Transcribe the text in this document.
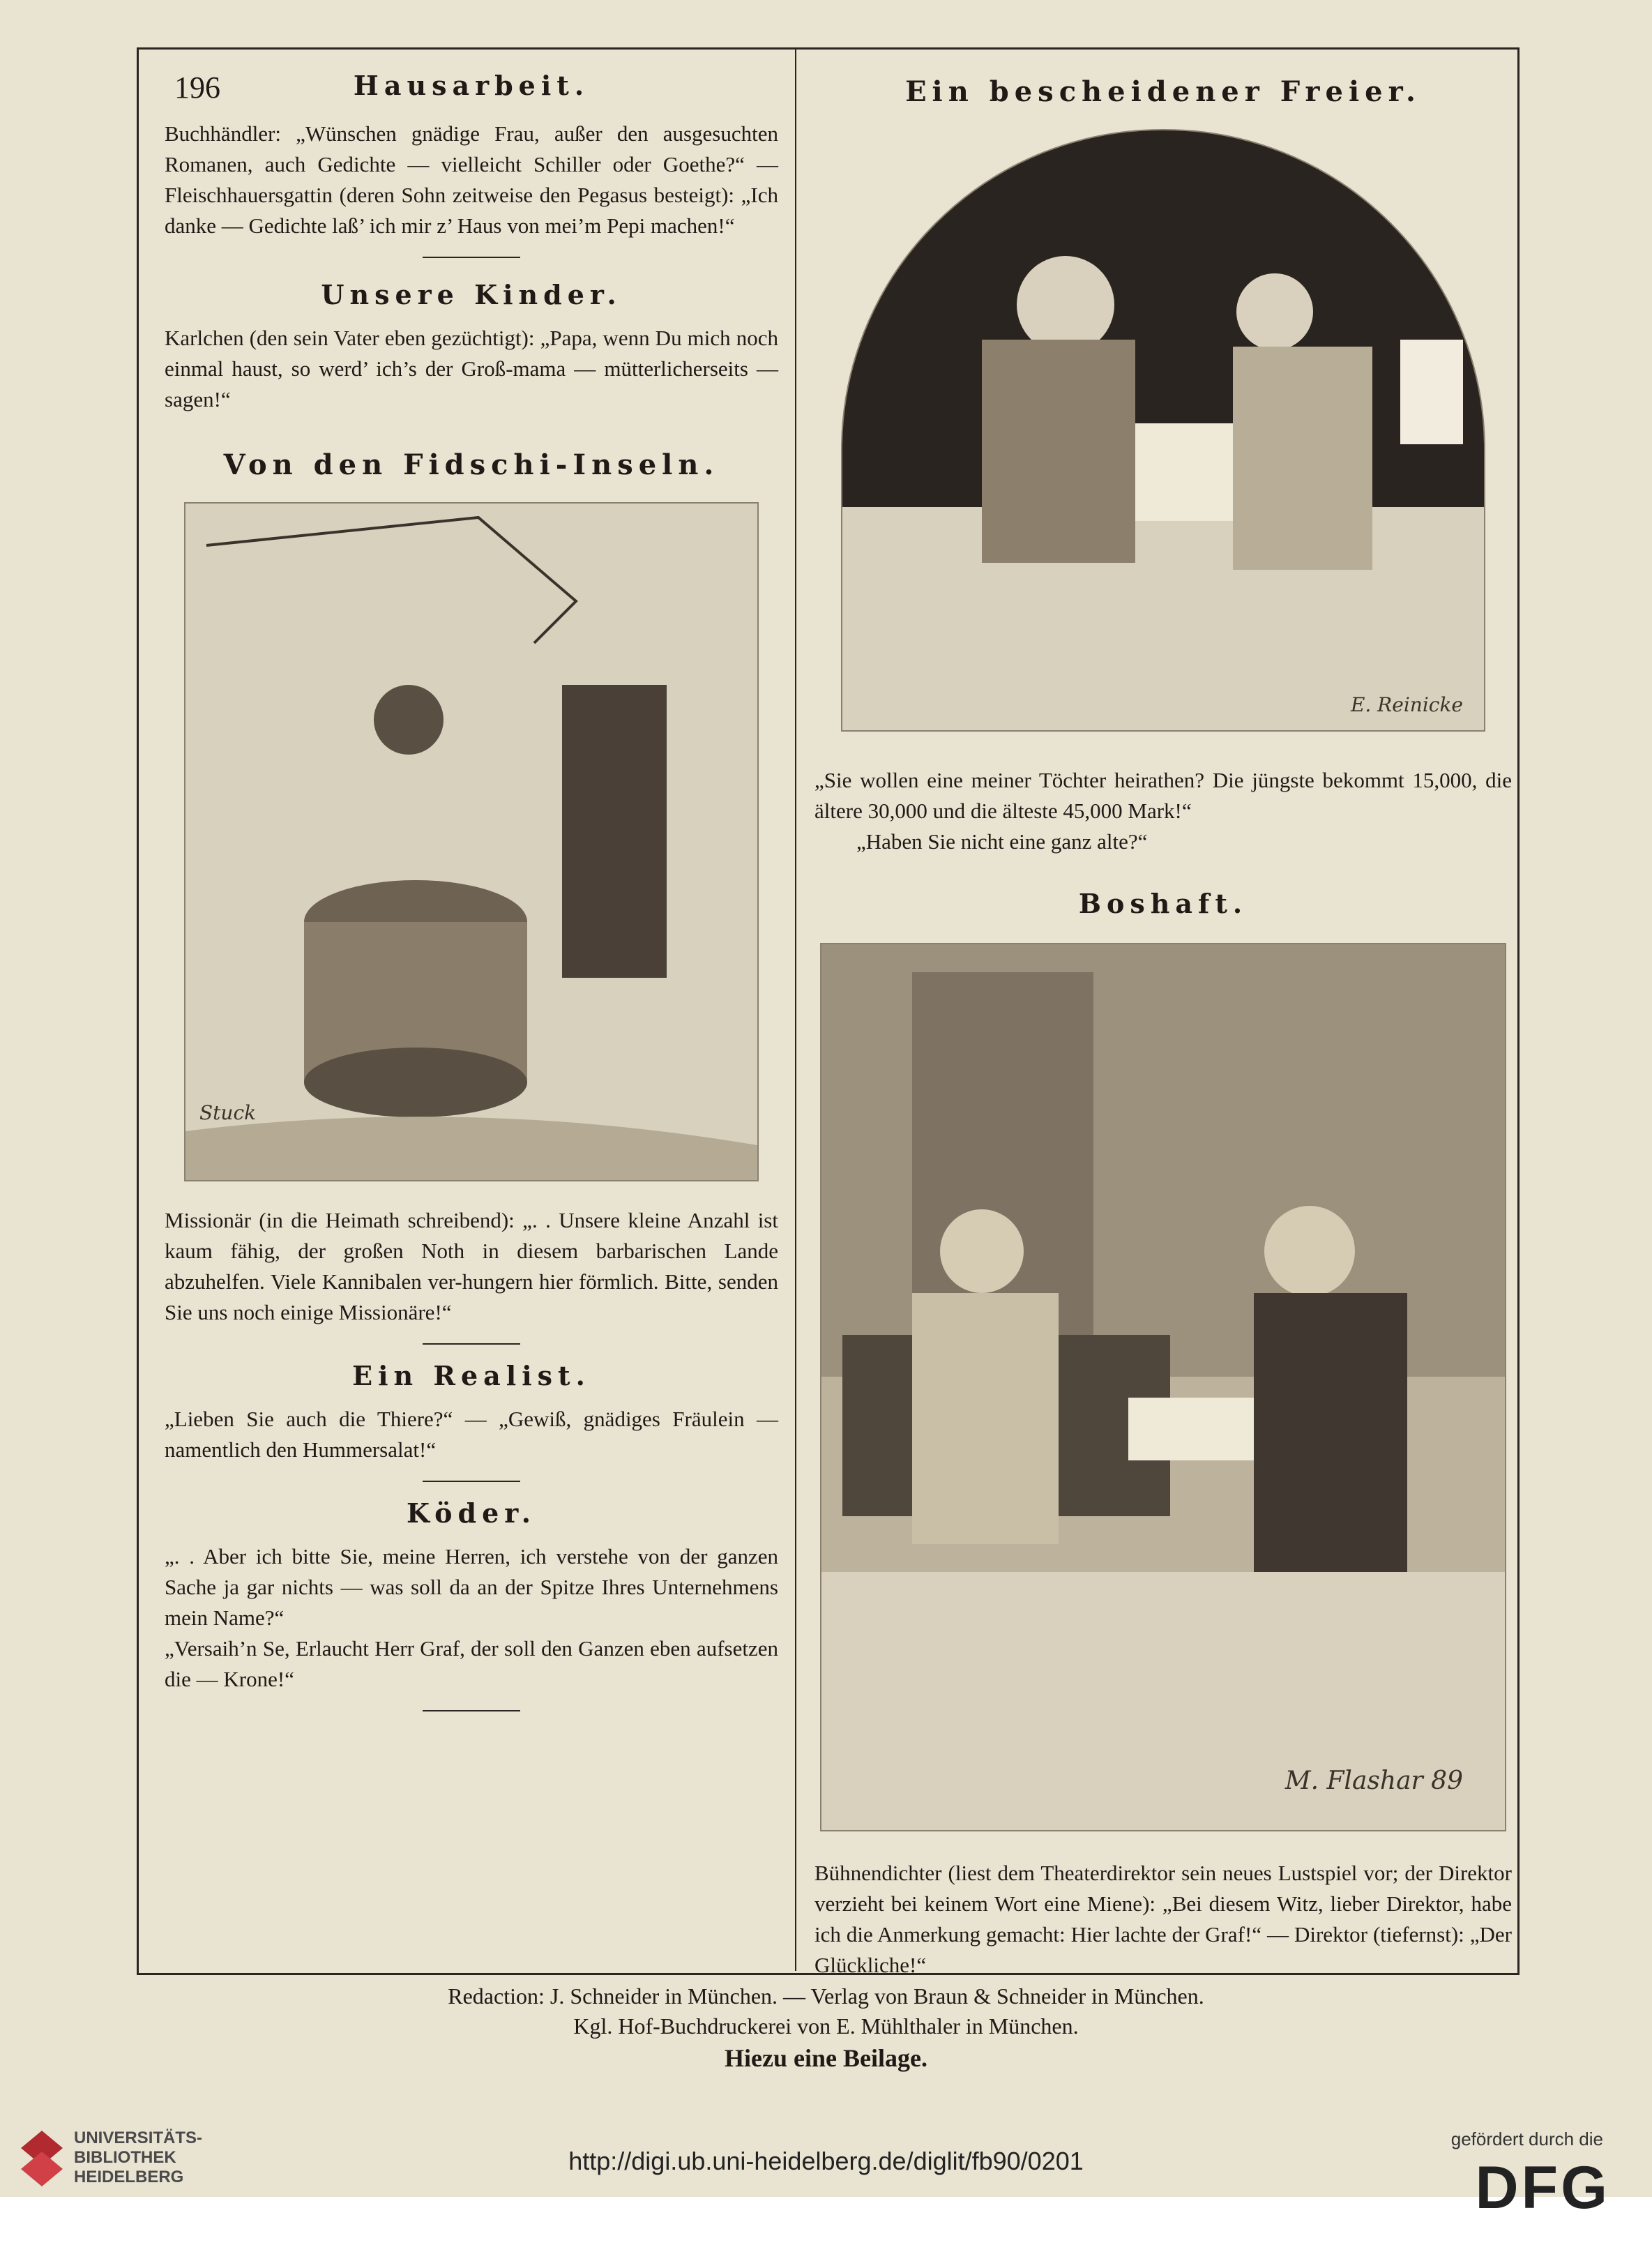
196	Hausarbeit.

Buchhändler: „Wünschen gnädige Frau, außer den ausgesuchten Romanen, auch Gedichte — vielleicht Schiller oder Goethe?“ — Fleischhauersgattin (deren Sohn zeitweise den Pegasus besteigt): „Ich danke — Gedichte laß’ ich mir z’ Haus von mei’m Pepi machen!“

Unsere Kinder.

Karlchen (den sein Vater eben gezüchtigt): „Papa, wenn Du mich noch einmal haust, so werd’ ich’s der Groß-mama — mütterlicherseits — sagen!“

Von den Fidschi-Inseln.

Stuck

Missionär (in die Heimath schreibend): „. . Unsere kleine Anzahl ist kaum fähig, der großen Noth in diesem barbarischen Lande abzuhelfen. Viele Kannibalen ver-hungern hier förmlich. Bitte, senden Sie uns noch einige Missionäre!“

Ein Realist.

„Lieben Sie auch die Thiere?“ — „Gewiß, gnädiges Fräulein — namentlich den Hummersalat!“

Köder.

„. . Aber ich bitte Sie, meine Herren, ich verstehe von der ganzen Sache ja gar nichts — was soll da an der Spitze Ihres Unternehmens mein Name?“

„Versaih’n Se, Erlaucht Herr Graf, der soll den Ganzen eben aufsetzen die — Krone!“

Ein bescheidener Freier.

E. Reinicke

„Sie wollen eine meiner Töchter heirathen? Die jüngste bekommt 15,000, die ältere 30,000 und die älteste 45,000 Mark!“

„Haben Sie nicht eine ganz alte?“

Boshaft.

M. Flashar 89

Bühnendichter (liest dem Theaterdirektor sein neues Lustspiel vor; der Direktor verzieht bei keinem Wort eine Miene): „Bei diesem Witz, lieber Direktor, habe ich die Anmerkung gemacht: Hier lachte der Graf!“ — Direktor (tiefernst): „Der Glückliche!“

Redaction: J. Schneider in München. — Verlag von Braun & Schneider in München.

Kgl. Hof-Buchdruckerei von E. Mühlthaler in München.

Hiezu eine Beilage.

UNIVERSITÄTS-
BIBLIOTHEK
HEIDELBERG
http://digi.ub.uni-heidelberg.de/diglit/fb90/0201
gefördert durch die
DFG
